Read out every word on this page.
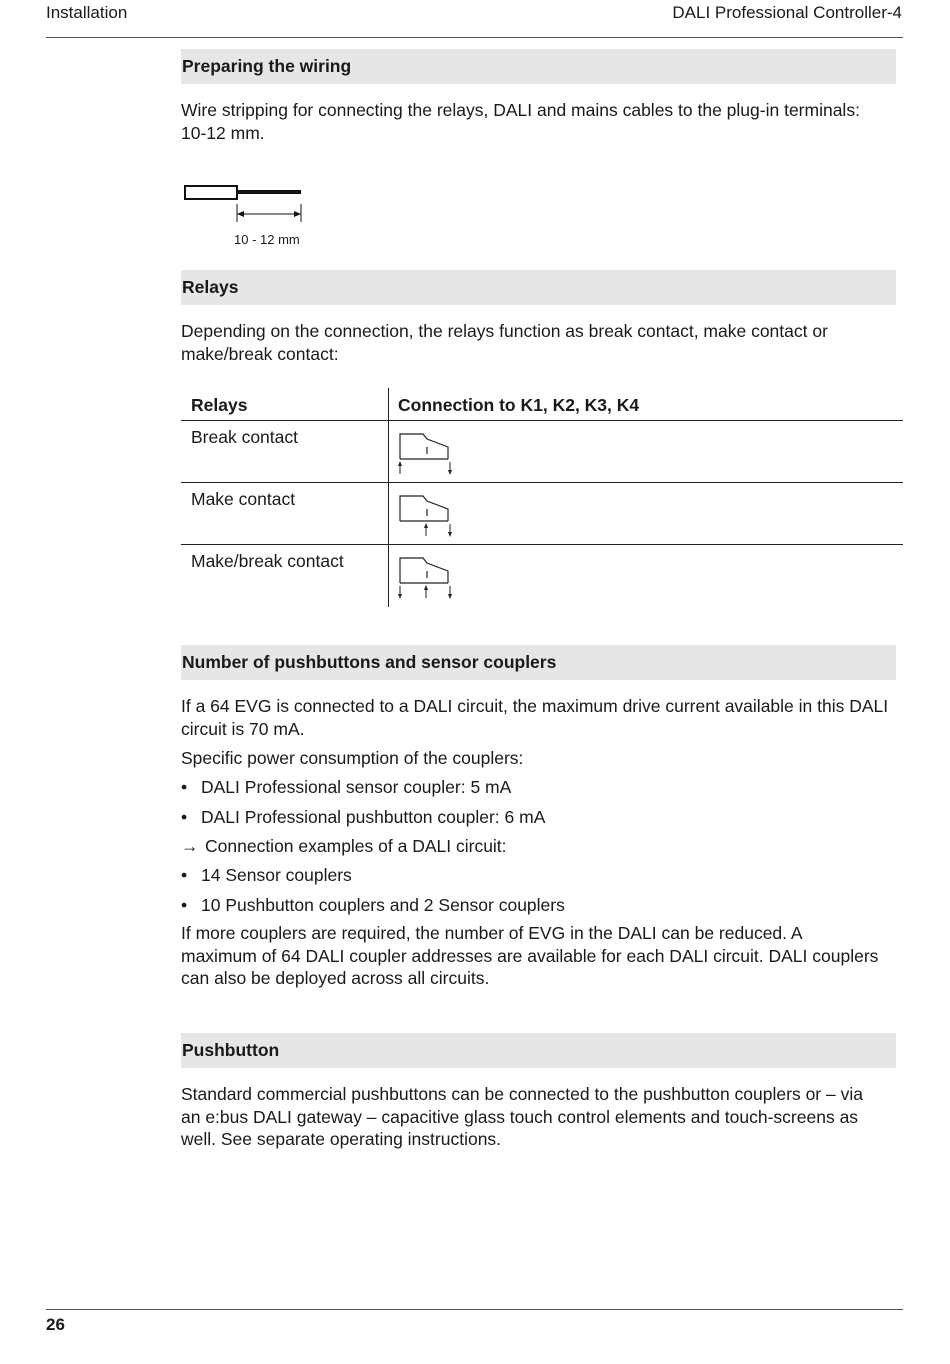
Installation	DALI Professional Controller-4
Preparing the wiring

Wire stripping for connecting the relays, DALI and mains cables to the plug-in terminals: 10-12 mm.

10 - 12 mm
Relays

Depending on the connection, the relays function as break contact, make contact or make/break contact:

Relays	Connection to K1, K2, K3, K4
Break contact
Make contact
Make/break contact
Number of pushbuttons and sensor couplers

If a 64 EVG is connected to a DALI circuit, the maximum drive current available in this DALI circuit is 70 mA.

Specific power consumption of the couplers:

• DALI Professional sensor coupler: 5 mA
• DALI Professional pushbutton coupler: 6 mA
→ Connection examples of a DALI circuit:
• 14 Sensor couplers
• 10 Pushbutton couplers and 2 Sensor couplers

If more couplers are required, the number of EVG in the DALI can be reduced. A maximum of 64 DALI coupler addresses are available for each DALI circuit. DALI couplers can also be deployed across all circuits.

Pushbutton

Standard commercial pushbuttons can be connected to the pushbutton couplers or – via an e:bus DALI gateway – capacitive glass touch control elements and touch-screens as well. See separate operating instructions.

26
